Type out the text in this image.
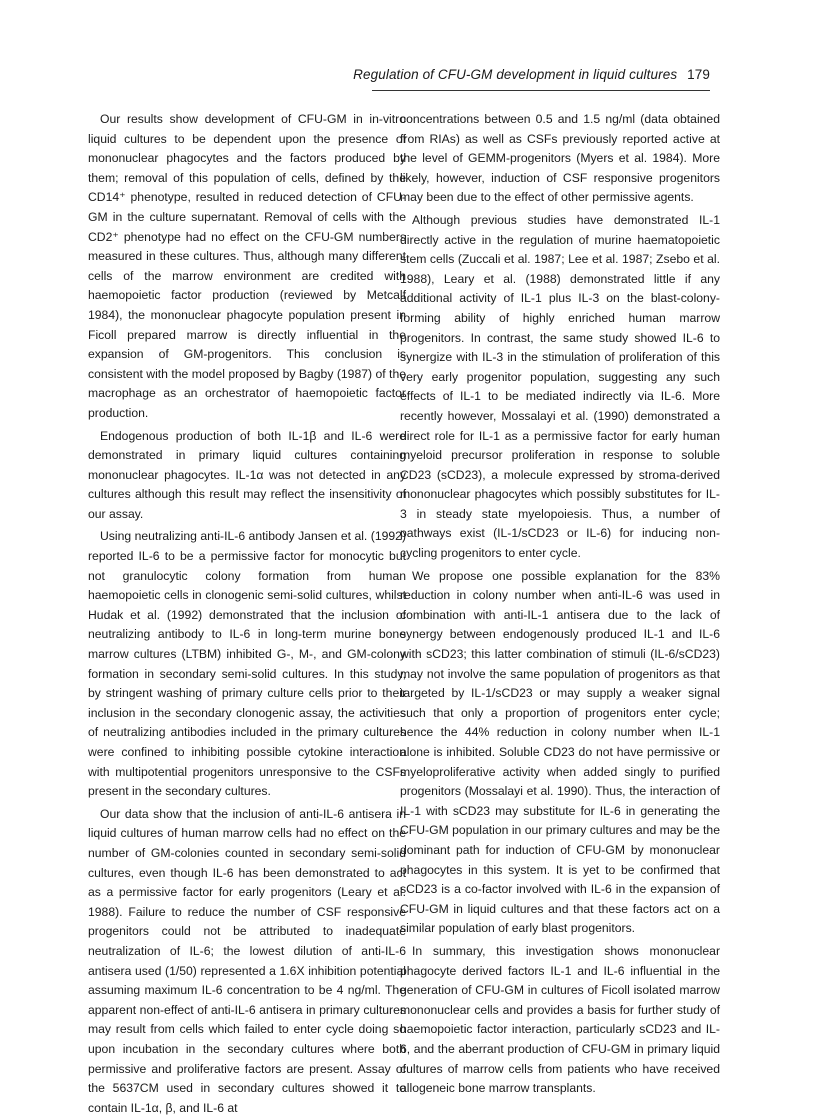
Regulation of CFU-GM development in liquid cultures 179

Our results show development of CFU-GM in in-vitro liquid cultures to be dependent upon the presence of mononuclear phagocytes and the factors produced by them; removal of this population of cells, defined by the CD14⁺ phenotype, resulted in reduced detection of CFU-GM in the culture supernatant. Removal of cells with the CD2⁺ phenotype had no effect on the CFU-GM numbers measured in these cultures. Thus, although many different cells of the marrow environment are credited with haemopoietic factor production (reviewed by Metcalf 1984), the mononuclear phagocyte population present in Ficoll prepared marrow is directly influential in the expansion of GM-progenitors. This conclusion is consistent with the model proposed by Bagby (1987) of the macrophage as an orchestrator of haemopoietic factor production.

Endogenous production of both IL-1β and IL-6 were demonstrated in primary liquid cultures containing mononuclear phagocytes. IL-1α was not detected in any cultures although this result may reflect the insensitivity of our assay.

Using neutralizing anti-IL-6 antibody Jansen et al. (1992) reported IL-6 to be a permissive factor for monocytic but not granulocytic colony formation from human haemopoietic cells in clonogenic semi-solid cultures, whilst Hudak et al. (1992) demonstrated that the inclusion of neutralizing antibody to IL-6 in long-term murine bone marrow cultures (LTBM) inhibited G-, M-, and GM-colony formation in secondary semi-solid cultures. In this study, by stringent washing of primary culture cells prior to their inclusion in the secondary clonogenic assay, the activities of neutralizing antibodies included in the primary cultures were confined to inhibiting possible cytokine interaction with multipotential progenitors unresponsive to the CSFs present in the secondary cultures.

Our data show that the inclusion of anti-IL-6 antisera in liquid cultures of human marrow cells had no effect on the number of GM-colonies counted in secondary semi-solid cultures, even though IL-6 has been demonstrated to act as a permissive factor for early progenitors (Leary et al. 1988). Failure to reduce the number of CSF responsive progenitors could not be attributed to inadequate neutralization of IL-6; the lowest dilution of anti-IL-6 antisera used (1/50) represented a 1.6X inhibition potential assuming maximum IL-6 concentration to be 4 ng/ml. The apparent non-effect of anti-IL-6 antisera in primary cultures may result from cells which failed to enter cycle doing so upon incubation in the secondary cultures where both permissive and proliferative factors are present. Assay of the 5637CM used in secondary cultures showed it to contain IL-1α, β, and IL-6 at

concentrations between 0.5 and 1.5 ng/ml (data obtained from RIAs) as well as CSFs previously reported active at the level of GEMM-progenitors (Myers et al. 1984). More likely, however, induction of CSF responsive progenitors may been due to the effect of other permissive agents.

Although previous studies have demonstrated IL-1 directly active in the regulation of murine haematopoietic stem cells (Zuccali et al. 1987; Lee et al. 1987; Zsebo et al. 1988), Leary et al. (1988) demonstrated little if any additional activity of IL-1 plus IL-3 on the blast-colony-forming ability of highly enriched human marrow progenitors. In contrast, the same study showed IL-6 to synergize with IL-3 in the stimulation of proliferation of this very early progenitor population, suggesting any such effects of IL-1 to be mediated indirectly via IL-6. More recently however, Mossalayi et al. (1990) demonstrated a direct role for IL-1 as a permissive factor for early human myeloid precursor proliferation in response to soluble CD23 (sCD23), a molecule expressed by stroma-derived mononuclear phagocytes which possibly substitutes for IL-3 in steady state myelopoiesis. Thus, a number of pathways exist (IL-1/sCD23 or IL-6) for inducing non-cycling progenitors to enter cycle.

We propose one possible explanation for the 83% reduction in colony number when anti-IL-6 was used in combination with anti-IL-1 antisera due to the lack of synergy between endogenously produced IL-1 and IL-6 with sCD23; this latter combination of stimuli (IL-6/sCD23) may not involve the same population of progenitors as that targeted by IL-1/sCD23 or may supply a weaker signal such that only a proportion of progenitors enter cycle; hence the 44% reduction in colony number when IL-1 alone is inhibited. Soluble CD23 do not have permissive or myeloproliferative activity when added singly to purified progenitors (Mossalayi et al. 1990). Thus, the interaction of IL-1 with sCD23 may substitute for IL-6 in generating the CFU-GM population in our primary cultures and may be the dominant path for induction of CFU-GM by mononuclear phagocytes in this system. It is yet to be confirmed that sCD23 is a co-factor involved with IL-6 in the expansion of CFU-GM in liquid cultures and that these factors act on a similar population of early blast progenitors.

In summary, this investigation shows mononuclear phagocyte derived factors IL-1 and IL-6 influential in the generation of CFU-GM in cultures of Ficoll isolated marrow mononuclear cells and provides a basis for further study of haemopoietic factor interaction, particularly sCD23 and IL-6, and the aberrant production of CFU-GM in primary liquid cultures of marrow cells from patients who have received allogeneic bone marrow transplants.
